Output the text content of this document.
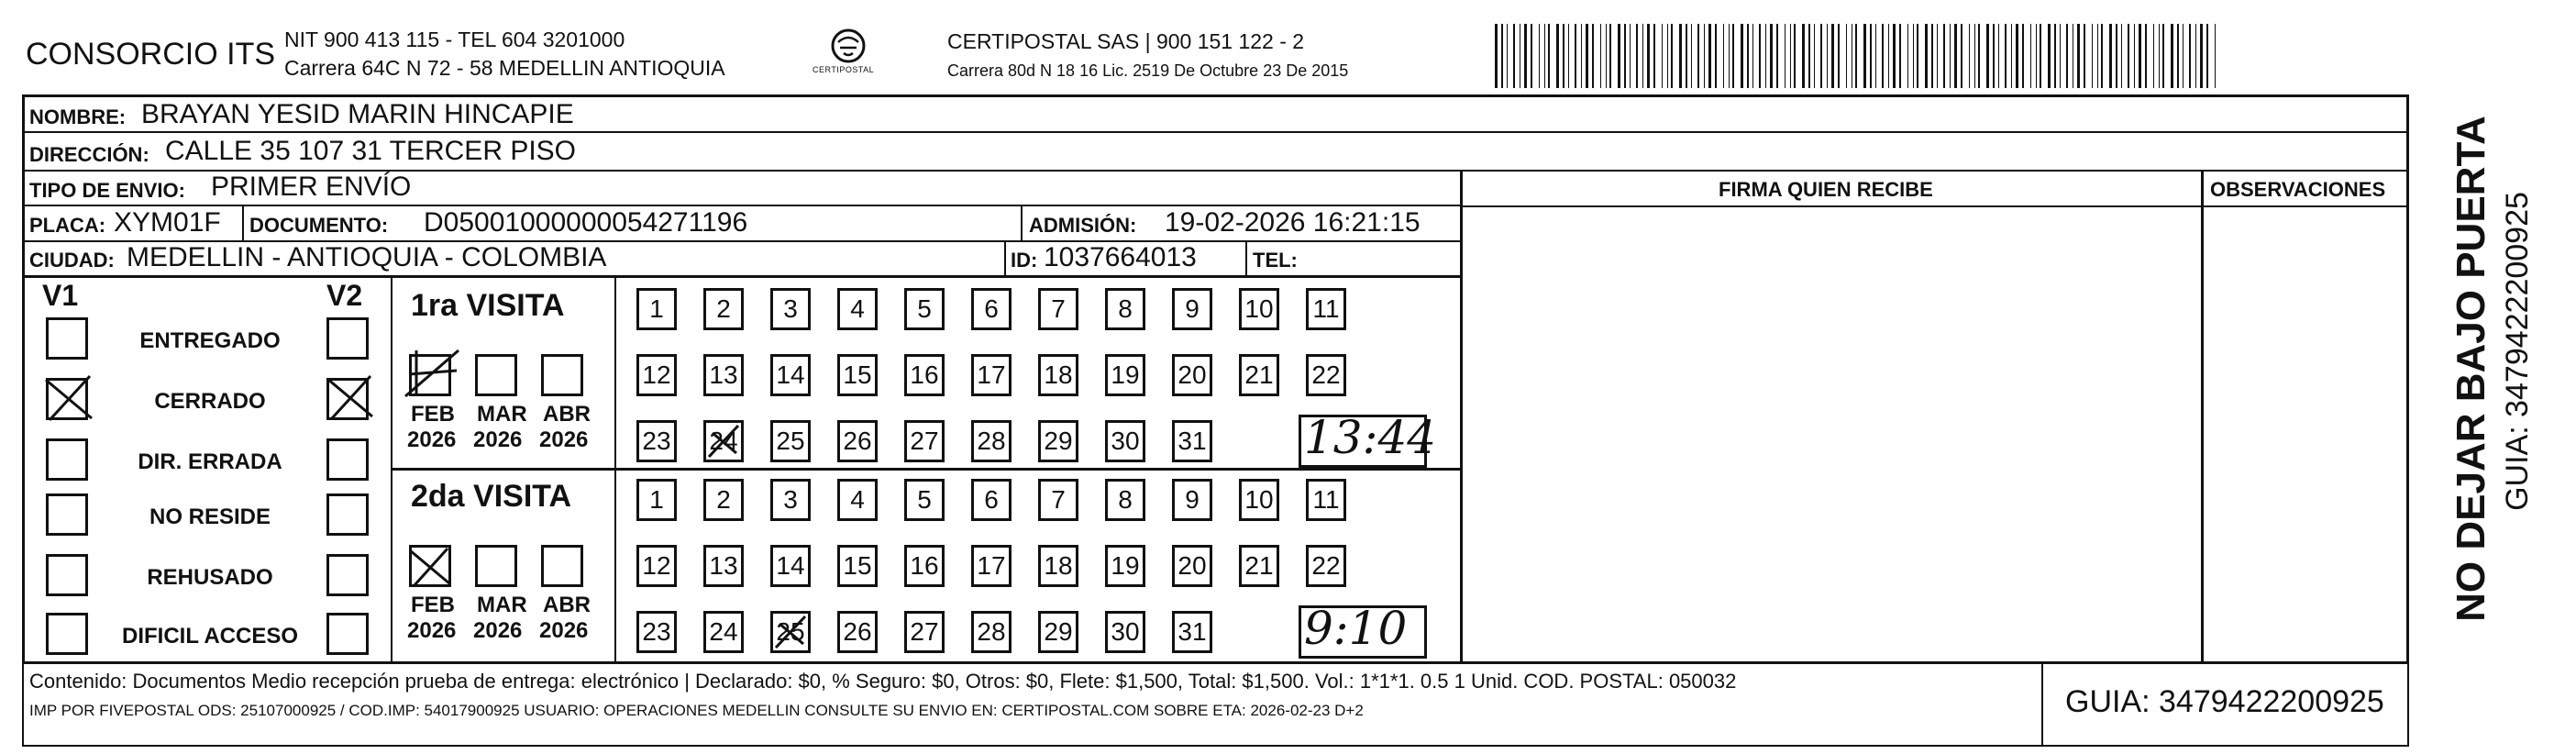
CONSORCIO ITS NIT 900 413 115 - TEL 604 3201000
Carrera 64C N 72 - 58 MEDELLIN ANTIOQUIA	CERTIPOSTAL
CERTIPOSTAL SAS | 900 151 122 - 2
Carrera 80d N 18 16 Lic. 2519 De Octubre 23 De 2015
NOMBRE: BRAYAN YESID MARIN HINCAPIE
DIRECCIÓN: CALLE 35 107 31 TERCER PISO
TIPO DE ENVIO: PRIMER ENVÍO
PLACA: XYM01F DOCUMENTO: D05001000000054271196	ADMISIÓN: 19-02-2026 16:21:15
CIUDAD: MEDELLIN - ANTIOQUIA - COLOMBIA	ID: 1037664013	TEL:
FIRMA QUIEN RECIBE	OBSERVACIONES
V1	V2 1ra VISITA
2da VISITA
Contenido: Documentos Medio recepción prueba de entrega: electrónico | Declarado: $0, % Seguro: $0, Otros: $0, Flete: $1,500, Total: $1,500. Vol.: 1*1*1. 0.5 1 Unid. COD. POSTAL: 050032
IMP POR FIVEPOSTAL ODS: 25107000925 / COD.IMP: 54017900925 USUARIO: OPERACIONES MEDELLIN CONSULTE SU ENVIO EN: CERTIPOSTAL.COM SOBRE ETA: 2026-02-23 D+2	GUIA: 3479422200925
NO DEJAR BAJO PUERTA GUIA: 3479422200925
ENTREGADO
CERRADO
DIR. ERRADA
NO RESIDE
REHUSADO
DIFICIL ACCESO
FEB
2026
MAR
2026
ABR
2026
FEB
2026
MAR
2026
ABR
2026
1	2	3	4	5	6	7	8	9	10 11
12 13 14 15 16 17 18 19 20 21 22
23 24 25 26 27 28 29 30 31 13:44
1	2	3	4	5	6	7	8	9	10 11
12 13 14 15 16 17 18 19 20 21 22
23 24 25 26 27 28 29 30 31 9:10
